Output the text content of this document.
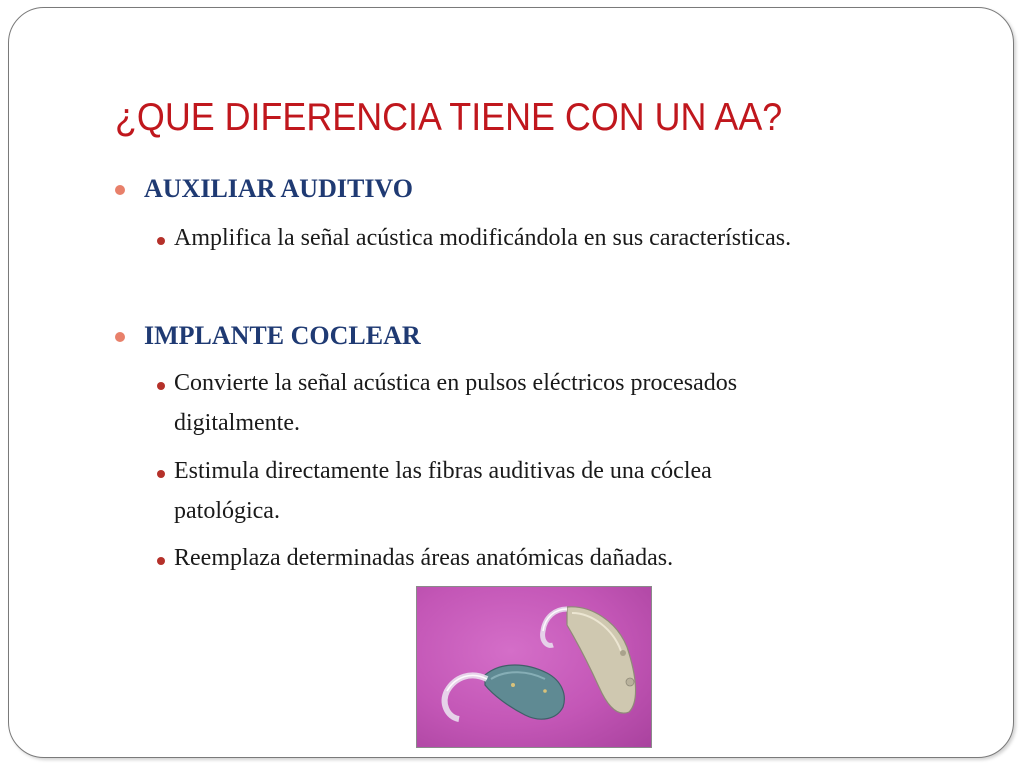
¿QUE DIFERENCIA TIENE CON UN AA?
AUXILIAR AUDITIVO
Amplifica la señal acústica modificándola en sus características.
IMPLANTE COCLEAR
Convierte la señal acústica en pulsos eléctricos procesados
digitalmente.
Estimula directamente las fibras auditivas de una cóclea
patológica.
Reemplaza determinadas áreas anatómicas dañadas.
